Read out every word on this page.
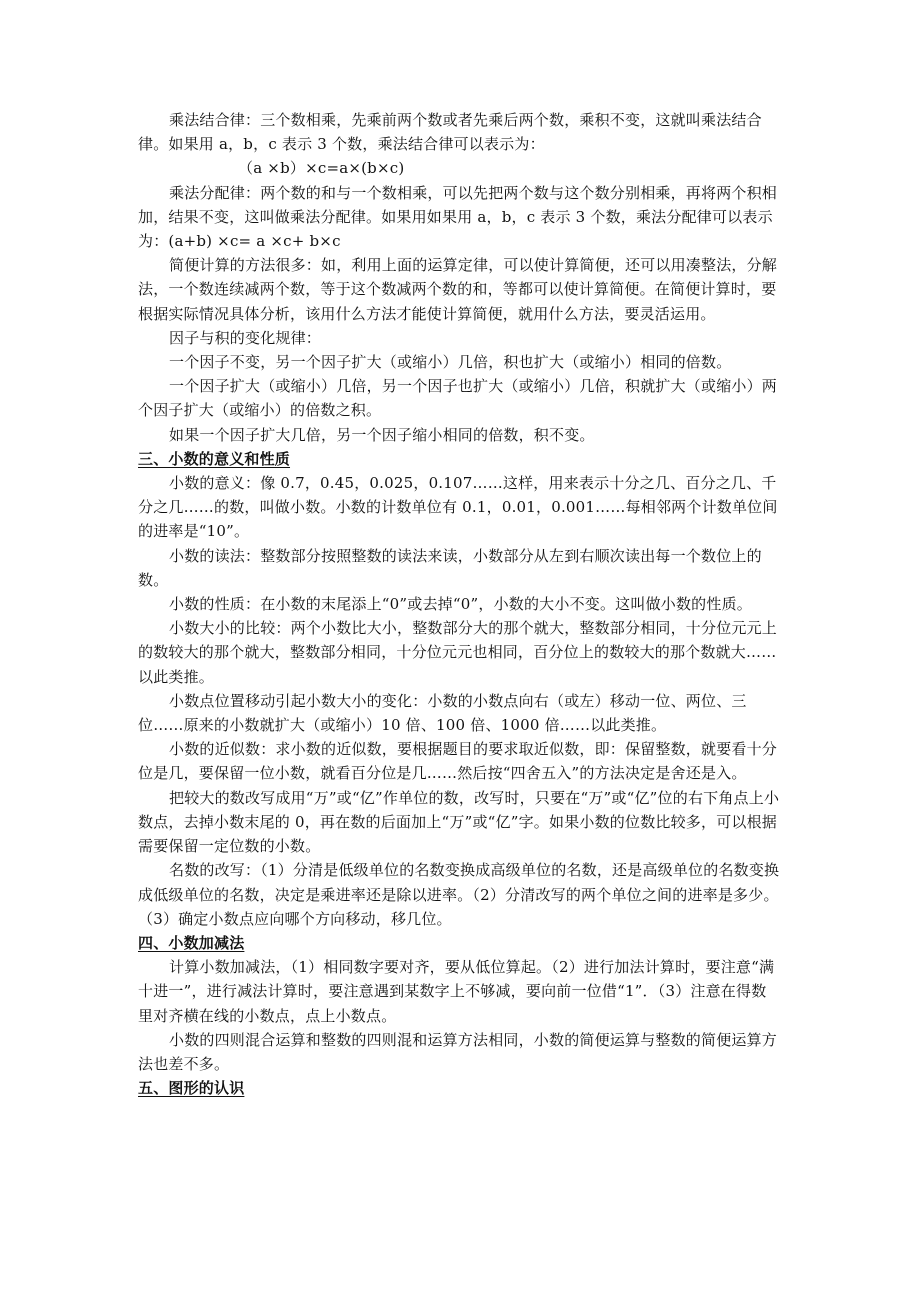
乘法结合律：三个数相乘，先乘前两个数或者先乘后两个数，乘积不变，这就叫乘法结合律。如果用 a，b，c 表示 3 个数，乘法结合律可以表示为：

（a ×b）×c=a×(b×c)

乘法分配律：两个数的和与一个数相乘，可以先把两个数与这个数分别相乘，再将两个积相加，结果不变，这叫做乘法分配律。如果用如果用 a，b，c 表示 3 个数，乘法分配律可以表示为：(a+b) ×c= a ×c+ b×c

简便计算的方法很多：如，利用上面的运算定律，可以使计算简便，还可以用凑整法，分解法，一个数连续减两个数，等于这个数减两个数的和，等都可以使计算简便。在简便计算时，要根据实际情况具体分析，该用什么方法才能使计算简便，就用什么方法，要灵活运用。

因子与积的变化规律：

一个因子不变，另一个因子扩大（或缩小）几倍，积也扩大（或缩小）相同的倍数。

一个因子扩大（或缩小）几倍，另一个因子也扩大（或缩小）几倍，积就扩大（或缩小）两个因子扩大（或缩小）的倍数之积。

如果一个因子扩大几倍，另一个因子缩小相同的倍数，积不变。

三、小数的意义和性质

小数的意义：像 0.7，0.45，0.025，0.107……这样，用来表示十分之几、百分之几、千分之几……的数，叫做小数。小数的计数单位有 0.1，0.01，0.001……每相邻两个计数单位间的进率是“10”。

小数的读法：整数部分按照整数的读法来读，小数部分从左到右顺次读出每一个数位上的数。

小数的性质：在小数的末尾添上“0”或去掉“0”，小数的大小不变。这叫做小数的性质。

小数大小的比较：两个小数比大小，整数部分大的那个就大，整数部分相同，十分位元元上的数较大的那个就大，整数部分相同，十分位元元也相同，百分位上的数较大的那个数就大……以此类推。

小数点位置移动引起小数大小的变化：小数的小数点向右（或左）移动一位、两位、三位……原来的小数就扩大（或缩小）10 倍、100 倍、1000 倍……以此类推。

小数的近似数：求小数的近似数，要根据题目的要求取近似数，即：保留整数，就要看十分位是几，要保留一位小数，就看百分位是几……然后按“四舍五入”的方法决定是舍还是入。

把较大的数改写成用“万”或“亿”作单位的数，改写时，只要在“万”或“亿”位的右下角点上小数点，去掉小数末尾的 0，再在数的后面加上“万”或“亿”字。如果小数的位数比较多，可以根据需要保留一定位数的小数。

名数的改写：（1）分清是低级单位的名数变换成高级单位的名数，还是高级单位的名数变换成低级单位的名数，决定是乘进率还是除以进率。（2）分清改写的两个单位之间的进率是多少。（3）确定小数点应向哪个方向移动，移几位。

四、小数加减法

计算小数加减法，（1）相同数字要对齐，要从低位算起。（2）进行加法计算时，要注意“满十进一”，进行减法计算时，要注意遇到某数字上不够减，要向前一位借“1”．（3）注意在得数里对齐横在线的小数点，点上小数点。

小数的四则混合运算和整数的四则混和运算方法相同，小数的简便运算与整数的简便运算方法也差不多。

五、图形的认识
